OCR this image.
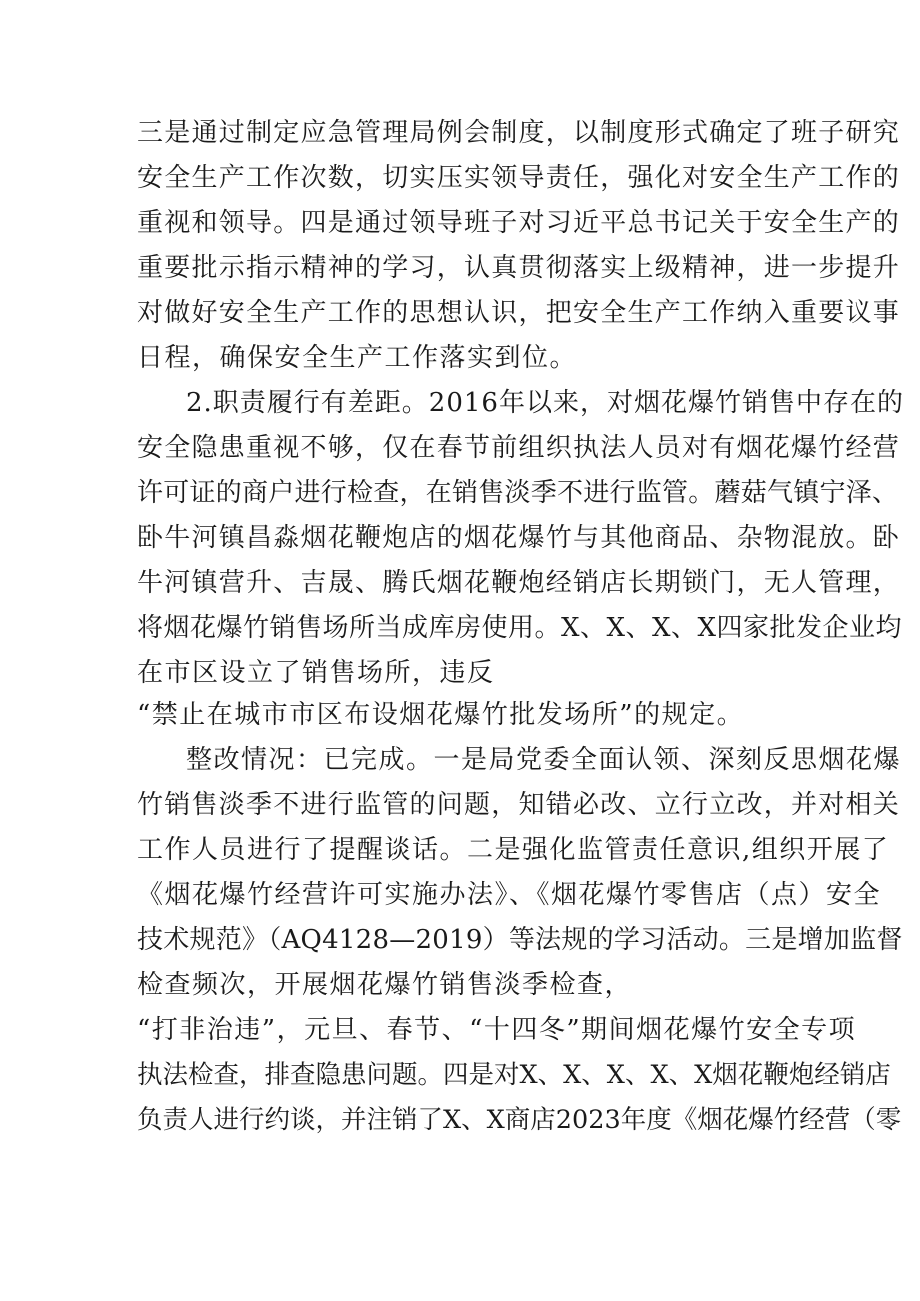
三是通过制定应急管理局例会制度，以制度形式确定了班子研究
安全生产工作次数，切实压实领导责任，强化对安全生产工作的
重视和领导。四是通过领导班子对习近平总书记关于安全生产的
重要批示指示精神的学习，认真贯彻落实上级精神，进一步提升
对做好安全生产工作的思想认识，把安全生产工作纳入重要议事
日程，确保安全生产工作落实到位。
2.职责履行有差距。2016年以来，对烟花爆竹销售中存在的
安全隐患重视不够，仅在春节前组织执法人员对有烟花爆竹经营
许可证的商户进行检查，在销售淡季不进行监管。蘑菇气镇宁泽、
卧牛河镇昌淼烟花鞭炮店的烟花爆竹与其他商品、杂物混放。卧
牛河镇营升、吉晟、腾氏烟花鞭炮经销店长期锁门，无人管理，
将烟花爆竹销售场所当成库房使用。X、X、X、X四家批发企业均
在市区设立了销售场所，违反
“禁止在城市市区布设烟花爆竹批发场所”的规定。
整改情况：已完成。一是局党委全面认领、深刻反思烟花爆
竹销售淡季不进行监管的问题，知错必改、立行立改，并对相关
工作人员进行了提醒谈话。二是强化监管责任意识,组织开展了
《烟花爆竹经营许可实施办法》、《烟花爆竹零售店（点）安全
技术规范》（AQ4128—2019）等法规的学习活动。三是增加监督
检查频次，开展烟花爆竹销售淡季检查，
“打非治违”，元旦、春节、“十四冬”期间烟花爆竹安全专项
执法检查，排查隐患问题。四是对X、X、X、X、X烟花鞭炮经销店
负责人进行约谈，并注销了X、X商店2023年度《烟花爆竹经营（零
